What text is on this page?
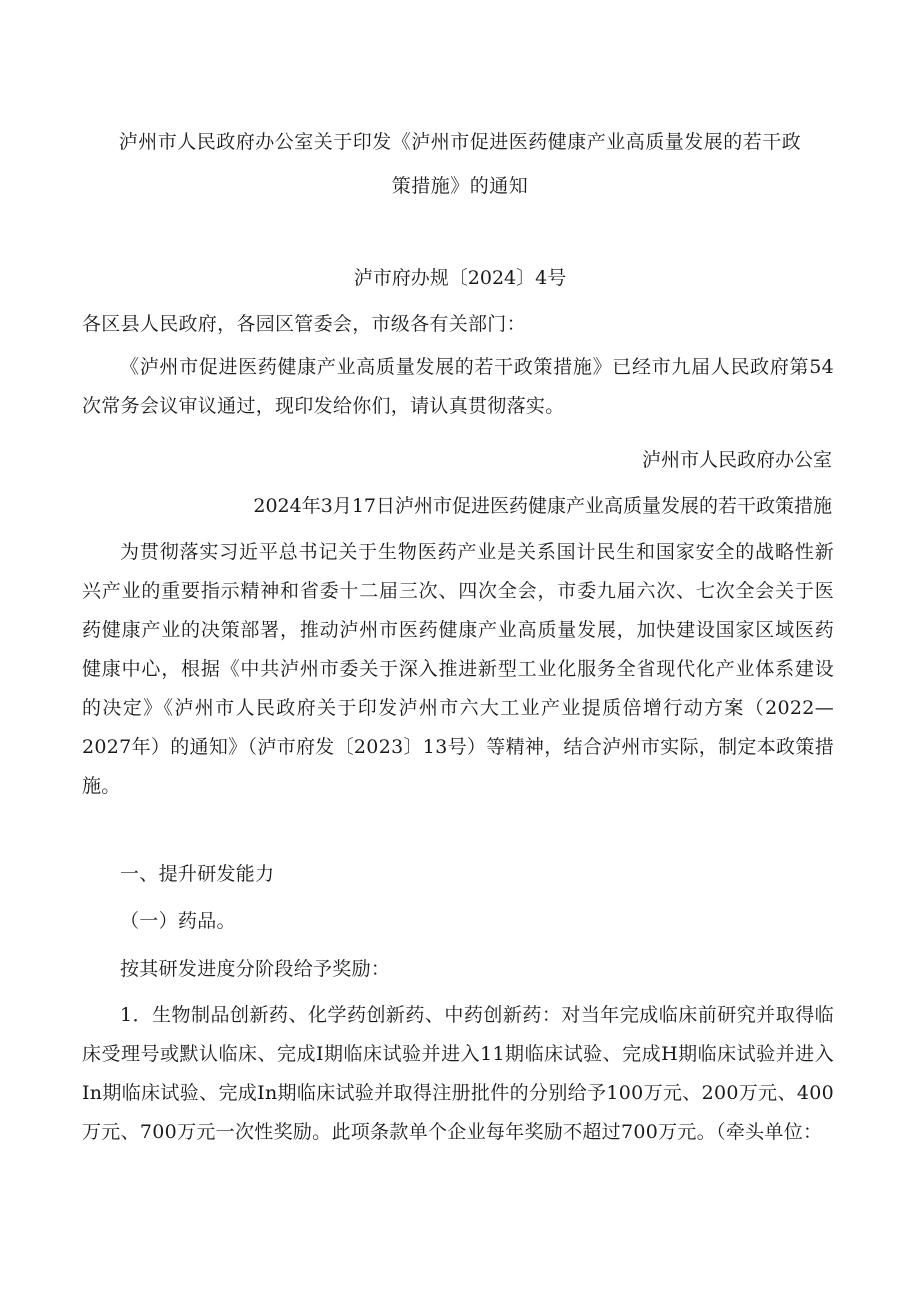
泸州市人民政府办公室关于印发《泸州市促进医药健康产业高质量发展的若干政
策措施》的通知
泸市府办规〔2024〕4号

各区县人民政府，各园区管委会，市级各有关部门：

《泸州市促进医药健康产业高质量发展的若干政策措施》已经市九届人民政府第54次常务会议审议通过，现印发给你们，请认真贯彻落实。

泸州市人民政府办公室
2024年3月17日泸州市促进医药健康产业高质量发展的若干政策措施

为贯彻落实习近平总书记关于生物医药产业是关系国计民生和国家安全的战略性新兴产业的重要指示精神和省委十二届三次、四次全会，市委九届六次、七次全会关于医药健康产业的决策部署，推动泸州市医药健康产业高质量发展，加快建设国家区域医药健康中心，根据《中共泸州市委关于深入推进新型工业化服务全省现代化产业体系建设的决定》《泸州市人民政府关于印发泸州市六大工业产业提质倍增行动方案（2022—2027年）的通知》（泸市府发〔2023〕13号）等精神，结合泸州市实际，制定本政策措施。

一、提升研发能力

（一）药品。

按其研发进度分阶段给予奖励：

1．生物制品创新药、化学药创新药、中药创新药：对当年完成临床前研究并取得临床受理号或默认临床、完成I期临床试验并进入11期临床试验、完成H期临床试验并进入In期临床试验、完成In期临床试验并取得注册批件的分别给予100万元、200万元、400万元、700万元一次性奖励。此项条款单个企业每年奖励不超过700万元。（牵头单位：
